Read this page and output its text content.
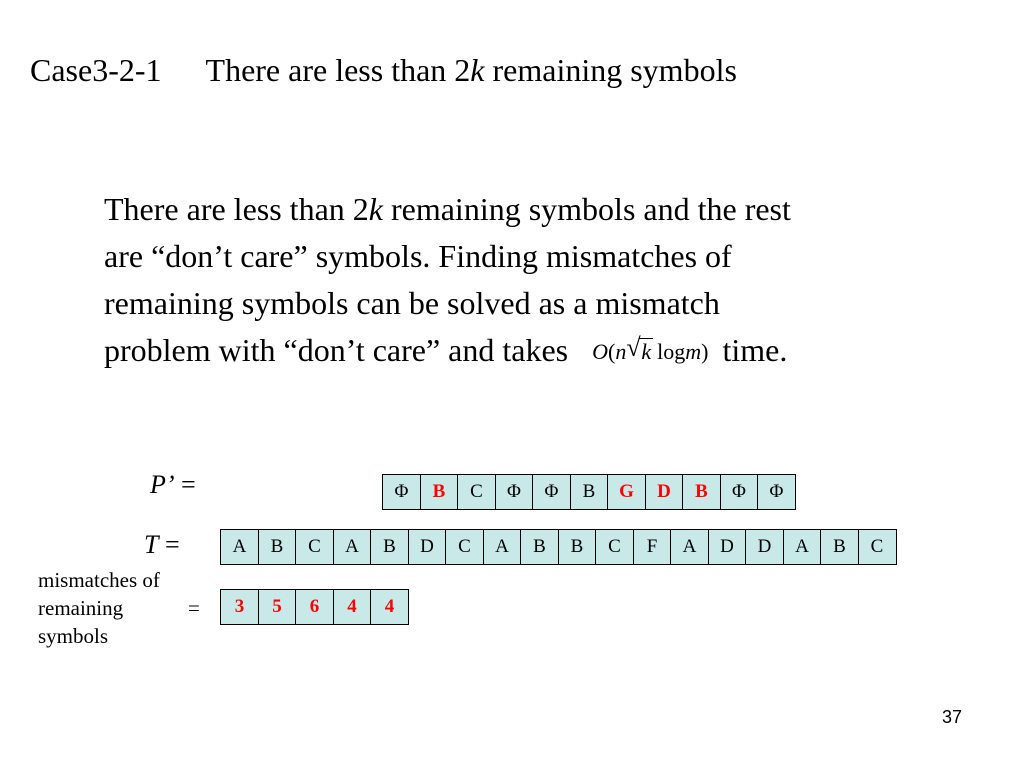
Case3-2-1 There are less than 2k remaining symbols

There are less than 2k remaining symbols and the rest

are “don’t care” symbols. Finding mismatches of

remaining symbols can be solved as a mismatch

problem with “don’t care” and takes O(n √ k logm) time.

P’ =	Φ	B	C	Φ	Φ	B	G	D	B	Φ	Φ
T =	A	B	C	A	B	D	C	A	B	B	C	F	A	D	D	A	B	C
mismatches of
remaining	=
symbols
3	5	6	4	4
37
